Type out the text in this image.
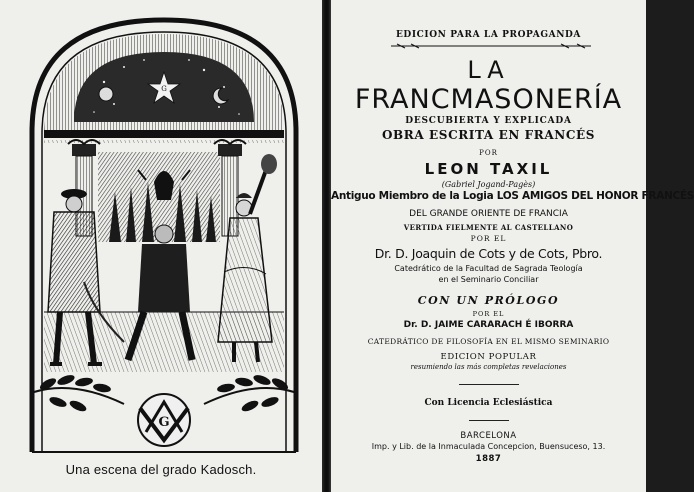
G
G
Una escena del grado Kadosch.
EDICION PARA LA PROPAGANDA
LA
FRANCMASONERÍA
DESCUBIERTA Y EXPLICADA
OBRA ESCRITA EN FRANCÉS
POR
LEON TAXIL
(Gabriel Jogand-Pagès)
Antiguo Miembro de la Logia LOS AMIGOS DEL HONOR FRANCÉS
DEL GRANDE ORIENTE DE FRANCIA
VERTIDA FIELMENTE AL CASTELLANO
POR EL
Dr. D. Joaquin de Cots y de Cots, Pbro.
Catedrático de la Facultad de Sagrada Teología
en el Seminario Conciliar
CON UN PRÓLOGO
POR EL
Dr. D. JAIME CARARACH É IBORRA
CATEDRÁTICO DE FILOSOFÍA EN EL MISMO SEMINARIO
EDICION POPULAR
resumiendo las más completas revelaciones
Con Licencia Eclesiástica
BARCELONA
Imp. y Lib. de la Inmaculada Concepcion, Buensuceso, 13.
1887
